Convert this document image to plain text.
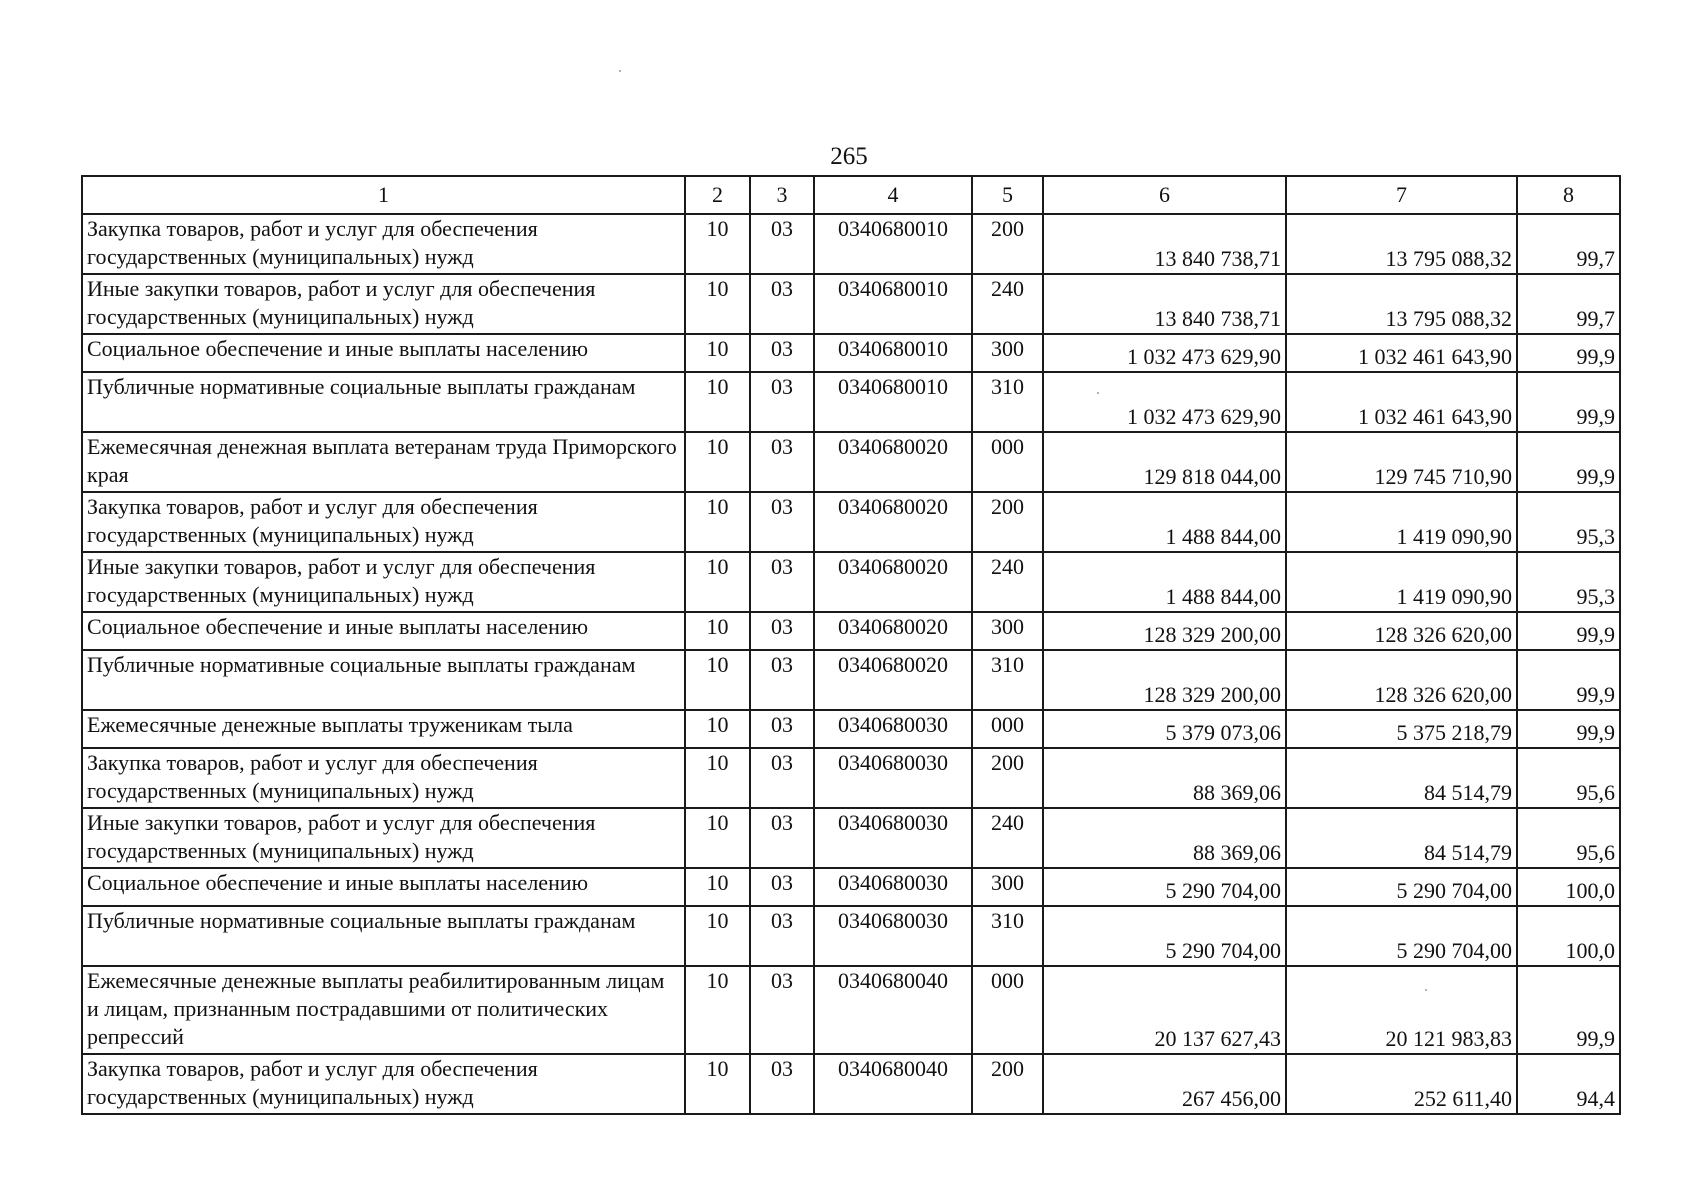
265
1	2	3	4	5	6	7	8
Закупка товаров, работ и услуг для обеспечения государственных (муниципальных) нужд	10	03	0340680010	200	13 840 738,71	13 795 088,32	99,7
Иные закупки товаров, работ и услуг для обеспечения государственных (муниципальных) нужд	10	03	0340680010	240	13 840 738,71	13 795 088,32	99,7
Социальное обеспечение и иные выплаты населению	10	03	0340680010	300	1 032 473 629,90	1 032 461 643,90	99,9
Публичные нормативные социальные выплаты гражданам	10	03	0340680010	310	1 032 473 629,90	1 032 461 643,90	99,9
Ежемесячная денежная выплата ветеранам труда Приморского края	10	03	0340680020	000	129 818 044,00	129 745 710,90	99,9
Закупка товаров, работ и услуг для обеспечения государственных (муниципальных) нужд	10	03	0340680020	200	1 488 844,00	1 419 090,90	95,3
Иные закупки товаров, работ и услуг для обеспечения государственных (муниципальных) нужд	10	03	0340680020	240	1 488 844,00	1 419 090,90	95,3
Социальное обеспечение и иные выплаты населению	10	03	0340680020	300	128 329 200,00	128 326 620,00	99,9
Публичные нормативные социальные выплаты гражданам	10	03	0340680020	310	128 329 200,00	128 326 620,00	99,9
Ежемесячные денежные выплаты труженикам тыла	10	03	0340680030	000	5 379 073,06	5 375 218,79	99,9
Закупка товаров, работ и услуг для обеспечения государственных (муниципальных) нужд	10	03	0340680030	200	88 369,06	84 514,79	95,6
Иные закупки товаров, работ и услуг для обеспечения государственных (муниципальных) нужд	10	03	0340680030	240	88 369,06	84 514,79	95,6
Социальное обеспечение и иные выплаты населению	10	03	0340680030	300	5 290 704,00	5 290 704,00	100,0
Публичные нормативные социальные выплаты гражданам	10	03	0340680030	310	5 290 704,00	5 290 704,00	100,0
Ежемесячные денежные выплаты реабилитированным лицам и лицам, признанным пострадавшими от политических репрессий	10	03	0340680040	000	20 137 627,43	20 121 983,83	99,9
Закупка товаров, работ и услуг для обеспечения государственных (муниципальных) нужд	10	03	0340680040	200	267 456,00	252 611,40	94,4
